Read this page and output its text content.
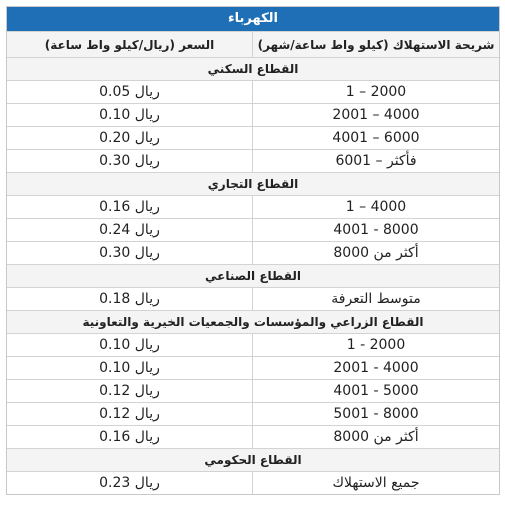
الكهرباء
شريحة الاستهلاك (كيلو واط ساعة/شهر)
السعر (ريال/كيلو واط ساعة)
القطاع السكني
1 – 2000
0.05 ريال
2001 – 4000
0.10 ريال
4001 – 6000
0.20 ريال
6001 – فأكثر
0.30 ريال
القطاع التجاري
1 – 4000
0.16 ريال
4001 - 8000
0.24 ريال
أكثر من 8000
0.30 ريال
القطاع الصناعي
متوسط التعرفة
0.18 ريال
القطاع الزراعي والمؤسسات والجمعيات الخيرية والتعاونية
1 - 2000
0.10 ريال
2001 - 4000
0.10 ريال
4001 - 5000
0.12 ريال
5001 - 8000
0.12 ريال
أكثر من 8000
0.16 ريال
القطاع الحكومي
جميع الاستهلاك
0.23 ريال
